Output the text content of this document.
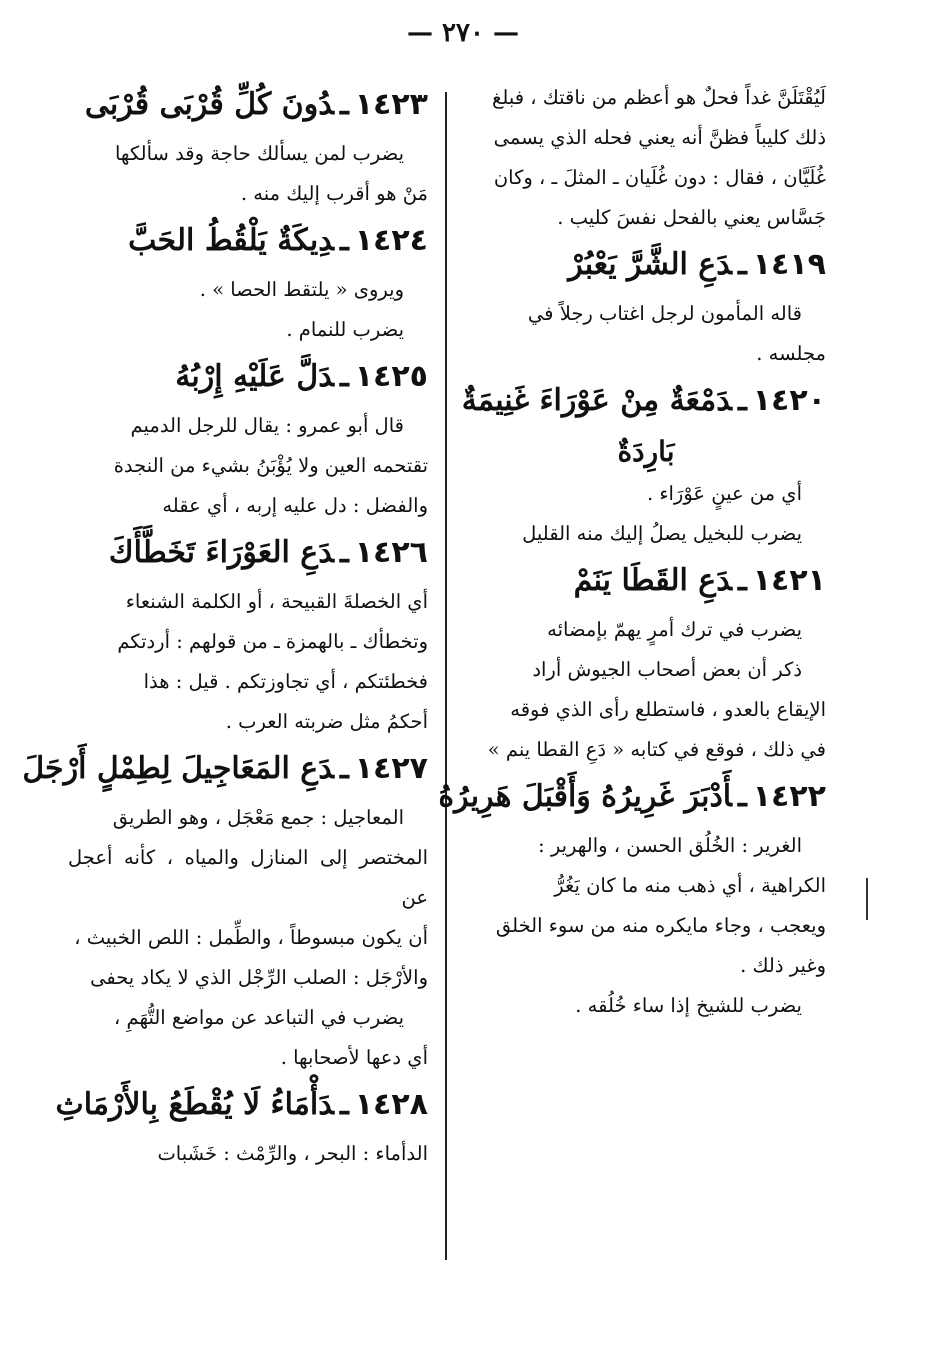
— ٢٧٠ —

لَيُقْتَلَنَّ غداً فحلٌ هو أعظم من ناقتك ، فبلغ

ذلك كليباً فظنَّ أنه يعني فحله الذي يسمى

غُلَيَّان ، فقال : دون غُلَيان ـ المثلَ ـ ، وكان

جَسَّاس يعني بالفحل نفسَ كليب .

١٤١٩ـدَعِ الشَّرَّ يَعْبُرْ

قاله المأمون لرجل اغتاب رجلاً في

مجلسه .

١٤٢٠ـدَمْعَةٌ مِنْ عَوْرَاءَ غَنِيمَةٌ
بَارِدَةٌ

أي من عينٍ عَوْرَاء .

يضرب للبخيل يصلُ إليك منه القليل

١٤٢١ـدَعِ القَطَا يَنَمْ

يضرب في ترك أمرٍ يهمّ بإمضائه

ذكر أن بعض أصحاب الجيوش أراد

الإيقاع بالعدو ، فاستطلع رأى الذي فوقه

في ذلك ، فوقع في كتابه « دَعِ القطا ينم »

١٤٢٢ـأَدْبَرَ غَرِيرُهُ وَأَقْبَلَ هَرِيرُهُ

الغرير : الخُلُق الحسن ، والهرير :

الكراهية ، أي ذهب منه ما كان يَغُرُّ

ويعجب ، وجاء مايكره منه من سوء الخلق

وغير ذلك .

يضرب للشيخ إذا ساء خُلُقه .

١٤٢٣ـدُونَ كُلِّ قُرْبَى قُرْبَى

يضرب لمن يسألك حاجة وقد سألكها

مَنْ هو أقرب إليك منه .

١٤٢٤ـدِيكَةٌ يَلْقُطُ الحَبَّ

ويروى « يلتقط الحصا » .

يضرب للنمام .

١٤٢٥ـدَلَّ عَلَيْهِ إِرْبُهُ

قال أبو عمرو : يقال للرجل الدميم

تقتحمه العين ولا يُؤْبَنُ بشيء من النجدة

والفضل : دل عليه إربه ، أي عقله

١٤٢٦ـدَعِ العَوْرَاءَ تَخَطَّأَكَ

أي الخصلةَ القبيحة ، أو الكلمة الشنعاء

وتخطأك ـ بالهمزة ـ من قولهم : أردتكم

فخطئتكم ، أي تجاوزتكم . قيل : هذا

أحكمُ مثل ضربته العرب .

١٤٢٧ـدَعِ المَعَاجِيلَ لِطِمْلٍ أَرْجَلَ

المعاجيل : جمع مَعْجَل ، وهو الطريق

المختصر إلى المنازل والمياه ، كأنه أعجل عن

أن يكون مبسوطاً ، والطِّمل : اللص الخبيث ،

والأرْجَل : الصلب الرِّجْل الذي لا يكاد يحفى

يضرب في التباعد عن مواضع التُّهَمِ ،

أي دعها لأصحابها .

١٤٢٨ـدَأْمَاءُ لَا يُقْطَعُ بِالأَرْمَاثِ

الدأماء : البحر ، والرِّمْث : خَشَبات
